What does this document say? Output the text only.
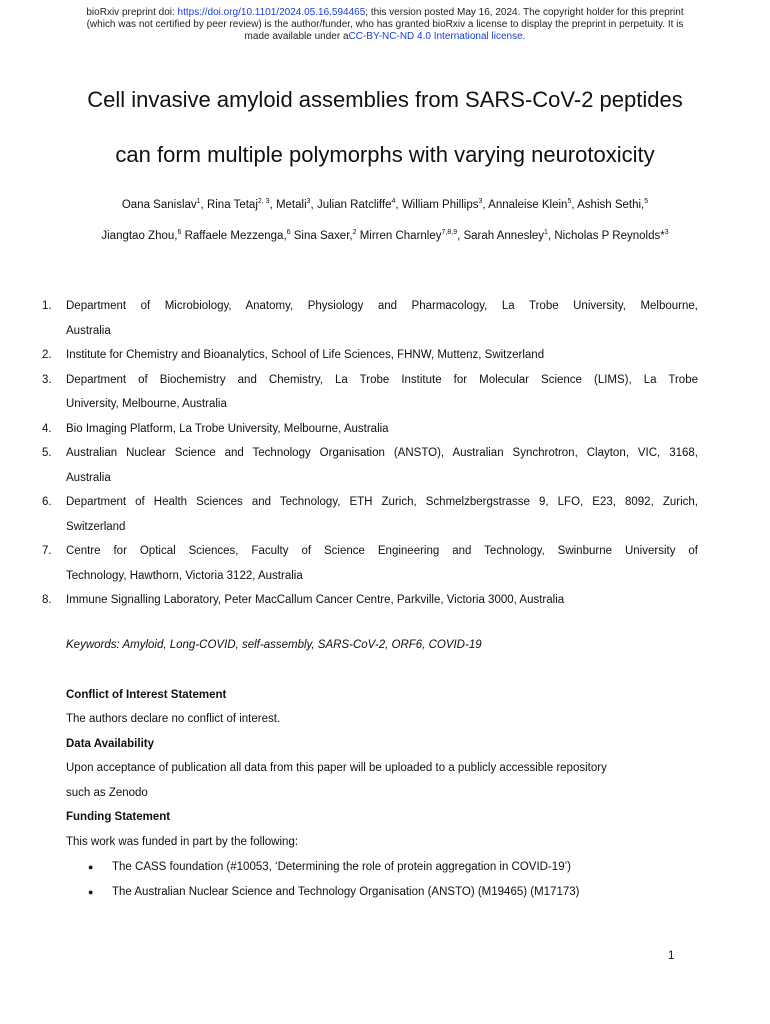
bioRxiv preprint doi: https://doi.org/10.1101/2024.05.16.594465; this version posted May 16, 2024. The copyright holder for this preprint
(which was not certified by peer review) is the author/funder, who has granted bioRxiv a license to display the preprint in perpetuity. It is
made available under aCC-BY-NC-ND 4.0 International license.
Cell invasive amyloid assemblies from SARS-CoV-2 peptides
can form multiple polymorphs with varying neurotoxicity
Oana Sanislav$^1$, Rina Tetaj$^{2, 3}$, Metali$^3$, Julian Ratcliffe$^4$, William Phillips$^3$, Annaleise Klein$^5$, Ashish Sethi,$^5$
Jiangtao Zhou,$^6$ Raffaele Mezzenga,$^6$ Sina Saxer,$^2$ Mirren Charnley$^{7,8,9}$, Sarah Annesley$^1$, Nicholas P Reynolds*$^3$
1.	Department of Microbiology, Anatomy, Physiology and Pharmacology, La Trobe University, Melbourne,
Australia
2.	Institute for Chemistry and Bioanalytics, School of Life Sciences, FHNW, Muttenz, Switzerland
3.	Department of Biochemistry and Chemistry, La Trobe Institute for Molecular Science (LIMS), La Trobe
University, Melbourne, Australia
4.	Bio Imaging Platform, La Trobe University, Melbourne, Australia
5.	Australian Nuclear Science and Technology Organisation (ANSTO), Australian Synchrotron, Clayton, VIC, 3168,
Australia
6.	Department of Health Sciences and Technology, ETH Zurich, Schmelzbergstrasse 9, LFO, E23, 8092, Zurich,
Switzerland
7.	Centre for Optical Sciences, Faculty of Science Engineering and Technology, Swinburne University of
Technology, Hawthorn, Victoria 3122, Australia
8.	Immune Signalling Laboratory, Peter MacCallum Cancer Centre, Parkville, Victoria 3000, Australia
Keywords: Amyloid, Long-COVID, self-assembly, SARS-CoV-2, ORF6, COVID-19
Conflict of Interest Statement
The authors declare no conflict of interest.
Data Availability
Upon acceptance of publication all data from this paper will be uploaded to a publicly accessible repository
such as Zenodo
Funding Statement
This work was funded in part by the following:
●	The CASS foundation (#10053, ‘Determining the role of protein aggregation in COVID-19’)
●	The Australian Nuclear Science and Technology Organisation (ANSTO) (M19465) (M17173)
1
